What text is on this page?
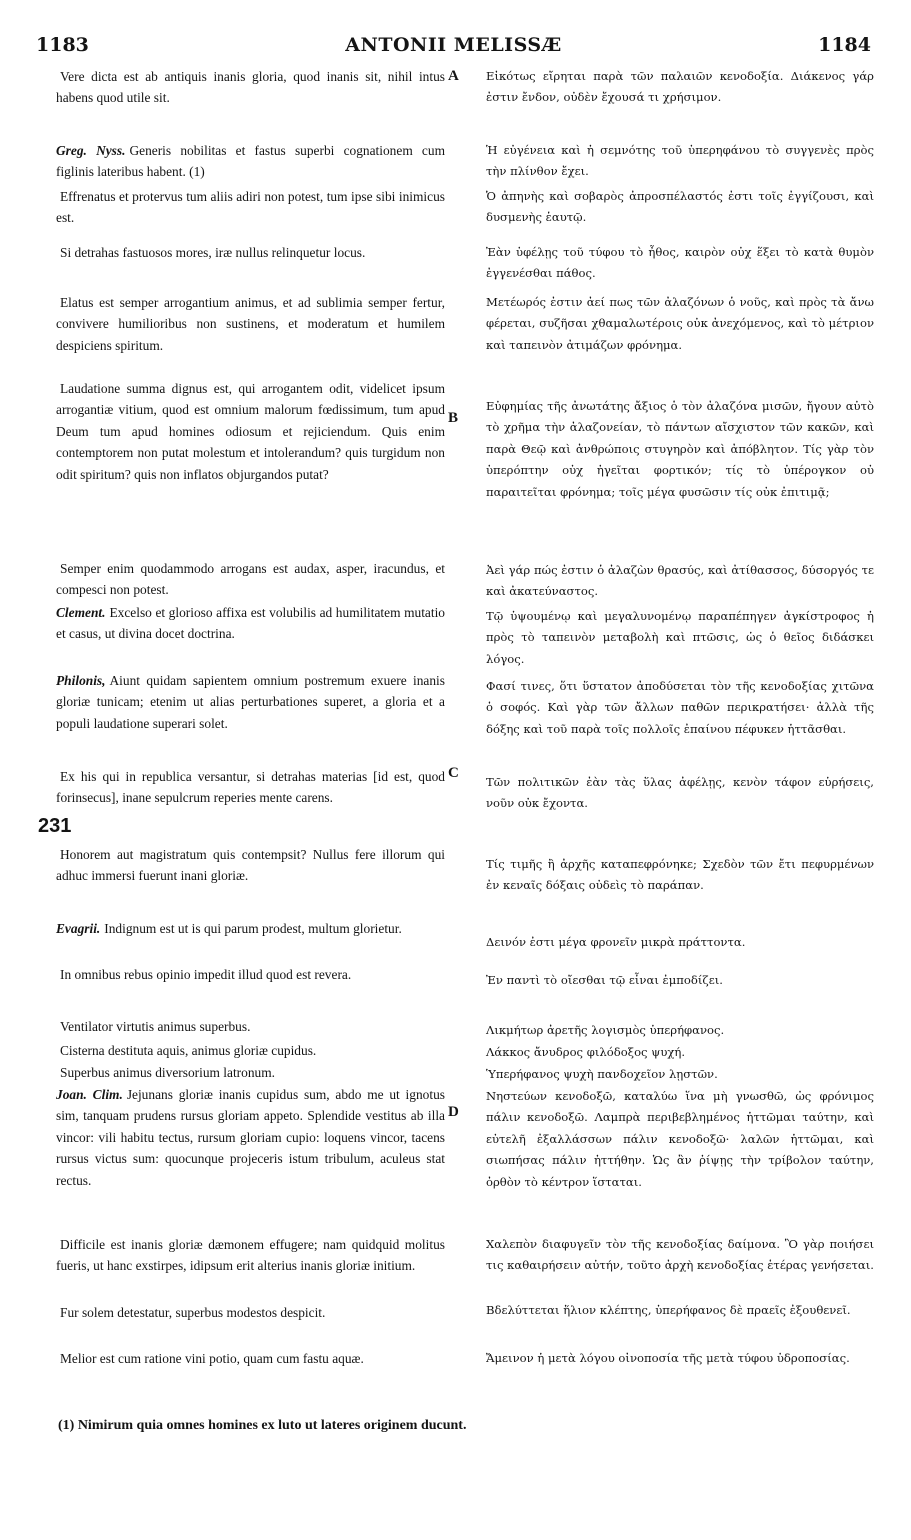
1183	ANTONII MELISSÆ	1184
A
B
C
D
231

Vere dicta est ab antiquis inanis gloria, quod inanis sit, nihil intus habens quod utile sit.

Greg. Nyss. Generis nobilitas et fastus superbi cognationem cum figlinis lateribus habent. (1)

Effrenatus et protervus tum aliis adiri non potest, tum ipse sibi inimicus est.

Si detrahas fastuosos mores, iræ nullus relinquetur locus.

Elatus est semper arrogantium animus, et ad sublimia semper fertur, convivere humilioribus non sustinens, et moderatum et humilem despiciens spiritum.

Laudatione summa dignus est, qui arrogantem odit, videlicet ipsum arrogantiæ vitium, quod est omnium malorum fœdissimum, tum apud Deum tum apud homines odiosum et rejiciendum. Quis enim contemptorem non putat molestum et intolerandum? quis turgidum non odit spiritum? quis non inflatos objurgandos putat?

Semper enim quodammodo arrogans est audax, asper, iracundus, et compesci non potest.

Clement. Excelso et glorioso affixa est volubilis ad humilitatem mutatio et casus, ut divina docet doctrina.

Philonis, Aiunt quidam sapientem omnium postremum exuere inanis gloriæ tunicam; etenim ut alias perturbationes superet, a gloria et a populi laudatione superari solet.

Ex his qui in republica versantur, si detrahas materias [id est, quod forinsecus], inane sepulcrum reperies mente carens.

Honorem aut magistratum quis contempsit? Nullus fere illorum qui adhuc immersi fuerunt inani gloriæ.

Evagrii. Indignum est ut is qui parum prodest, multum glorietur.

In omnibus rebus opinio impedit illud quod est revera.

Ventilator virtutis animus superbus.

Cisterna destituta aquis, animus gloriæ cupidus.

Superbus animus diversorium latronum.

Joan. Clim. Jejunans gloriæ inanis cupidus sum, abdo me ut ignotus sim, tanquam prudens rursus gloriam appeto. Splendide vestitus ab illa vincor: vili habitu tectus, rursum gloriam cupio: loquens vincor, tacens rursus victus sum: quocunque projeceris istum tribulum, aculeus stat rectus.

Difficile est inanis gloriæ dæmonem effugere; nam quidquid molitus fueris, ut hanc exstirpes, idipsum erit alterius inanis gloriæ initium.

Fur solem detestatur, superbus modestos despicit.

Melior est cum ratione vini potio, quam cum fastu aquæ.

Εἰκότως εἴρηται παρὰ τῶν παλαιῶν κενοδοξία. Διάκενος γάρ ἐστιν ἔνδον, οὐδὲν ἔχουσά τι χρήσιμον.

Ἡ εὐγένεια καὶ ἡ σεμνότης τοῦ ὑπερηφάνου τὸ συγγενὲς πρὸς τὴν πλίνθον ἔχει.

Ὁ ἀπηνὴς καὶ σοβαρὸς ἀπροσπέλαστός ἐστι τοῖς ἐγγίζουσι, καὶ δυσμενὴς ἑαυτῷ.

Ἐὰν ὑφέλῃς τοῦ τύφου τὸ ἦθος, καιρὸν οὐχ ἕξει τὸ κατὰ θυμὸν ἐγγενέσθαι πάθος.

Μετέωρός ἐστιν ἀεί πως τῶν ἀλαζόνων ὁ νοῦς, καὶ πρὸς τὰ ἄνω φέρεται, συζῆσαι χθαμαλωτέροις οὐκ ἀνεχόμενος, καὶ τὸ μέτριον καὶ ταπεινὸν ἀτιμάζων φρόνημα.

Εὐφημίας τῆς ἀνωτάτης ἄξιος ὁ τὸν ἀλαζόνα μισῶν, ἤγουν αὐτὸ τὸ χρῆμα τὴν ἀλαζονείαν, τὸ πάντων αἴσχιστον τῶν κακῶν, καὶ παρὰ Θεῷ καὶ ἀνθρώποις στυγηρὸν καὶ ἀπόβλητον. Τίς γὰρ τὸν ὑπερόπτην οὐχ ἡγεῖται φορτικόν; τίς τὸ ὑπέρογκον οὐ παραιτεῖται φρόνημα; τοῖς μέγα φυσῶσιν τίς οὐκ ἐπιτιμᾷ;

Ἀεὶ γάρ πώς ἐστιν ὁ ἀλαζὼν θρασύς, καὶ ἀτίθασσος, δύσοργός τε καὶ ἀκατεύναστος.

Τῷ ὑψουμένῳ καὶ μεγαλυνομένῳ παραπέπηγεν ἀγκίστροφος ἡ πρὸς τὸ ταπεινὸν μεταβολὴ καὶ πτῶσις, ὡς ὁ θεῖος διδάσκει λόγος.

Φασί τινες, ὅτι ὕστατον ἀποδύσεται τὸν τῆς κενοδοξίας χιτῶνα ὁ σοφός. Καὶ γὰρ τῶν ἄλλων παθῶν περικρατήσει· ἀλλὰ τῆς δόξης καὶ τοῦ παρὰ τοῖς πολλοῖς ἐπαίνου πέφυκεν ἡττᾶσθαι.

Τῶν πολιτικῶν ἐὰν τὰς ὕλας ἀφέλῃς, κενὸν τάφον εὑρήσεις, νοῦν οὐκ ἔχοντα.

Τίς τιμῆς ἢ ἀρχῆς καταπεφρόνηκε; Σχεδὸν τῶν ἔτι πεφυρμένων ἐν κεναῖς δόξαις οὐδεὶς τὸ παράπαν.

Δεινόν ἐστι μέγα φρονεῖν μικρὰ πράττοντα.

Ἐν παντὶ τὸ οἴεσθαι τῷ εἶναι ἐμποδίζει.

Λικμήτωρ ἀρετῆς λογισμὸς ὑπερήφανος.

Λάκκος ἄνυδρος φιλόδοξος ψυχή.

Ὑπερήφανος ψυχὴ πανδοχεῖον λῃστῶν.

Νηστεύων κενοδοξῶ, καταλύω ἵνα μὴ γνωσθῶ, ὡς φρόνιμος πάλιν κενοδοξῶ. Λαμπρὰ περιβεβλημένος ἡττῶμαι ταύτην, καὶ εὐτελῆ ἐξαλλάσσων πάλιν κενοδοξῶ· λαλῶν ἡττῶμαι, καὶ σιωπήσας πάλιν ἡττήθην. Ὡς ἂν ῥίψῃς τὴν τρίβολον ταύτην, ὀρθὸν τὸ κέντρον ἵσταται.

Χαλεπὸν διαφυγεῖν τὸν τῆς κενοδοξίας δαίμονα. Ὃ γὰρ ποιήσει τις καθαιρήσειν αὐτήν, τοῦτο ἀρχὴ κενοδοξίας ἑτέρας γενήσεται.

Βδελύττεται ἥλιον κλέπτης, ὑπερήφανος δὲ πραεῖς ἐξουθενεῖ.

Ἄμεινον ἡ μετὰ λόγου οἰνοποσία τῆς μετὰ τύφου ὑδροποσίας.

(1) Nimirum quia omnes homines ex luto ut lateres originem ducunt.
